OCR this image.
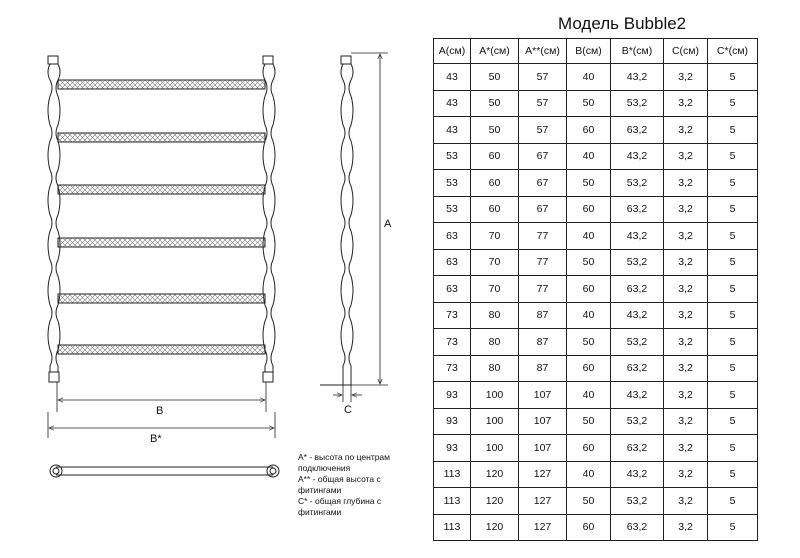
B
B*
A
C
Модель Bubble2
A(см)	A*(см)	A**(см)	B(см)	B*(см)	C(см)	C*(см)
43	50	57	40	43,2	3,2	5
43	50	57	50	53,2	3,2	5
43	50	57	60	63,2	3,2	5
53	60	67	40	43,2	3,2	5
53	60	67	50	53,2	3,2	5
53	60	67	60	63,2	3,2	5
63	70	77	40	43,2	3,2	5
63	70	77	50	53,2	3,2	5
63	70	77	60	63,2	3,2	5
73	80	87	40	43,2	3,2	5
73	80	87	50	53,2	3,2	5
73	80	87	60	63,2	3,2	5
93	100	107	40	43,2	3,2	5
93	100	107	50	53,2	3,2	5
93	100	107	60	63,2	3,2	5
113	120	127	40	43,2	3,2	5
113	120	127	50	53,2	3,2	5
113	120	127	60	63,2	3,2	5
A* - высота по центрам подключения
A** - общая высота с фитингами
C* - общая глубина с фитингами
